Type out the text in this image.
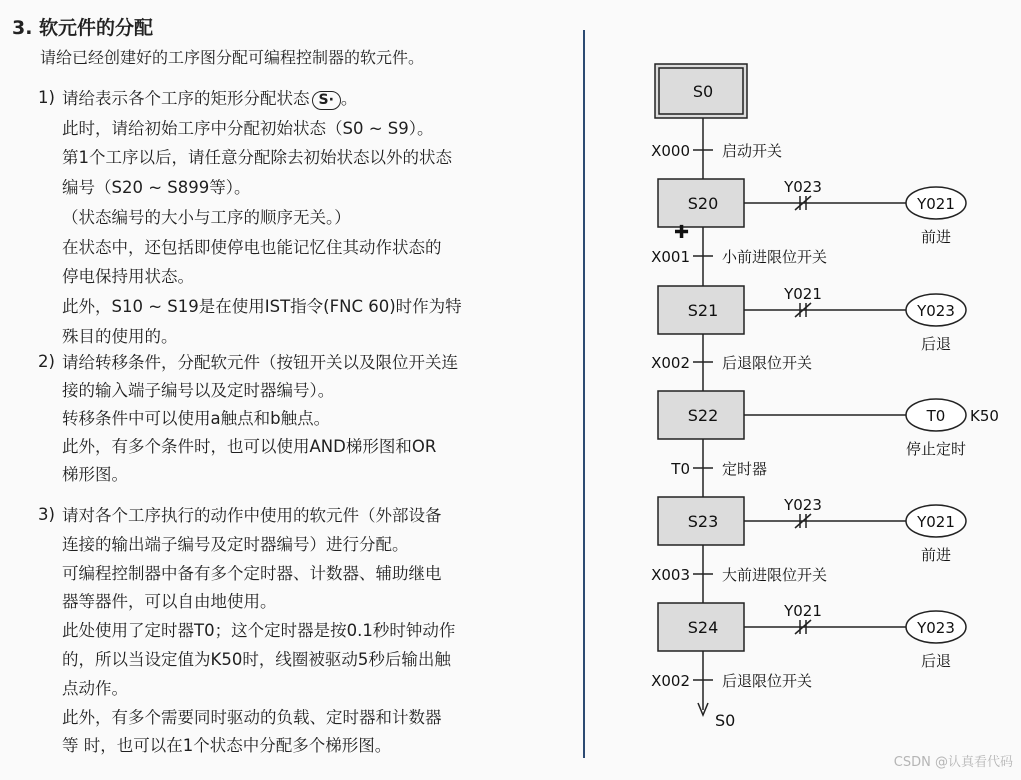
3. 软元件的分配

请给已经创建好的工序图分配可编程控制器的软元件。

1) 请给表示各个工序的矩形分配状态 S· 。
此时，请给初始工序中分配初始状态（S0 ~ S9）。
第1个工序以后，请任意分配除去初始状态以外的状态
编号（S20 ~ S899等）。
（状态编号的大小与工序的顺序无关。）
在状态中，还包括即使停电也能记忆住其动作状态的
停电保持用状态。
此外，S10 ~ S19是在使用IST指令(FNC 60)时作为特
殊目的使用的。
2) 请给转移条件，分配软元件（按钮开关以及限位开关连
接的输入端子编号以及定时器编号）。
转移条件中可以使用a触点和b触点。
此外，有多个条件时，也可以使用AND梯形图和OR
梯形图。
3) 请对各个工序执行的动作中使用的软元件（外部设备
连接的输出端子编号及定时器编号）进行分配。
可编程控制器中备有多个定时器、计数器、辅助继电
器等器件，可以自由地使用。
此处使用了定时器T0；这个定时器是按0.1秒时钟动作
的，所以当设定值为K50时，线圈被驱动5秒后输出触
点动作。
此外，有多个需要同时驱动的负载、定时器和计数器
等 时，也可以在1个状态中分配多个梯形图。
S0
S0
S20
S21
S22
S23
S24
X000 启动开关
X001 小前进限位开关
X002 后退限位开关
T0 定时器
X003 大前进限位开关
X002 后退限位开关
Y023
Y021
前进
Y021
Y023
后退
T0 K50
停止定时
Y023
Y021
前进
Y021
Y023
后退
✚
CSDN @认真看代码
